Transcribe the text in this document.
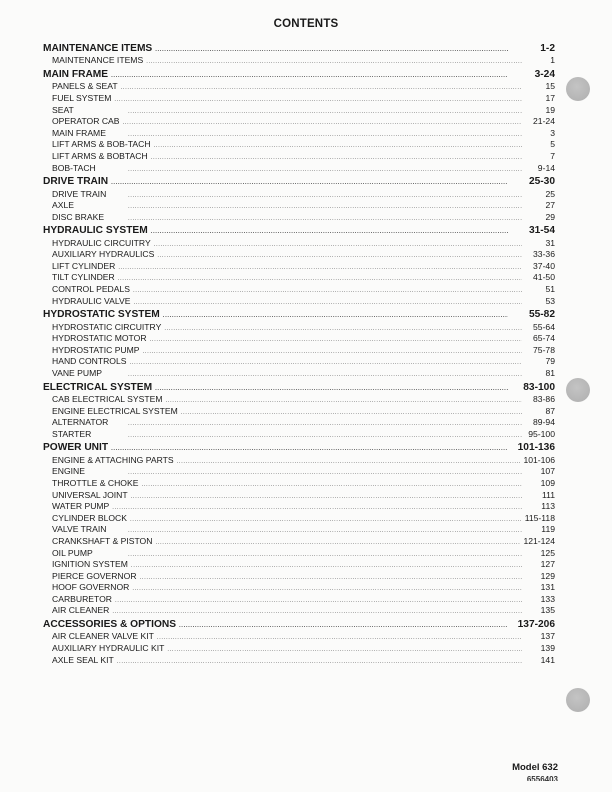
CONTENTS
MAINTENANCE ITEMS .....	1-2
MAINTENANCE ITEMS .....	1
MAIN FRAME .....	3-24
PANELS & SEAT .....	15
FUEL SYSTEM .....	17
SEAT .....	19
OPERATOR CAB .....	21-24
MAIN FRAME .....	3
LIFT ARMS & BOB-TACH .....	5
LIFT ARMS & BOBTACH .....	7
BOB-TACH .....	9-14
DRIVE TRAIN .....	25-30
DRIVE TRAIN .....	25
AXLE .....	27
DISC BRAKE .....	29
HYDRAULIC SYSTEM .....	31-54
HYDRAULIC CIRCUITRY .....	31
AUXILIARY HYDRAULICS .....	33-36
LIFT CYLINDER .....	37-40
TILT CYLINDER .....	41-50
CONTROL PEDALS .....	51
HYDRAULIC VALVE .....	53
HYDROSTATIC SYSTEM .....	55-82
HYDROSTATIC CIRCUITRY .....	55-64
HYDROSTATIC MOTOR .....	65-74
HYDROSTATIC PUMP .....	75-78
HAND CONTROLS .....	79
VANE PUMP .....	81
ELECTRICAL SYSTEM .....	83-100
CAB ELECTRICAL SYSTEM .....	83-86
ENGINE ELECTRICAL SYSTEM .....	87
ALTERNATOR .....	89-94
STARTER .....	95-100
POWER UNIT .....	101-136
ENGINE & ATTACHING PARTS .....	101-106
ENGINE .....	107
THROTTLE & CHOKE .....	109
UNIVERSAL JOINT .....	111
WATER PUMP .....	113
CYLINDER BLOCK .....	115-118
VALVE TRAIN .....	119
CRANKSHAFT & PISTON .....	121-124
OIL PUMP .....	125
IGNITION SYSTEM .....	127
PIERCE GOVERNOR .....	129
HOOF GOVERNOR .....	131
CARBURETOR .....	133
AIR CLEANER .....	135
ACCESSORIES & OPTIONS .....	137-206
AIR CLEANER VALVE KIT .....	137
AUXILIARY HYDRAULIC KIT .....	139
AXLE SEAL KIT .....	141
Model 632
6556403
